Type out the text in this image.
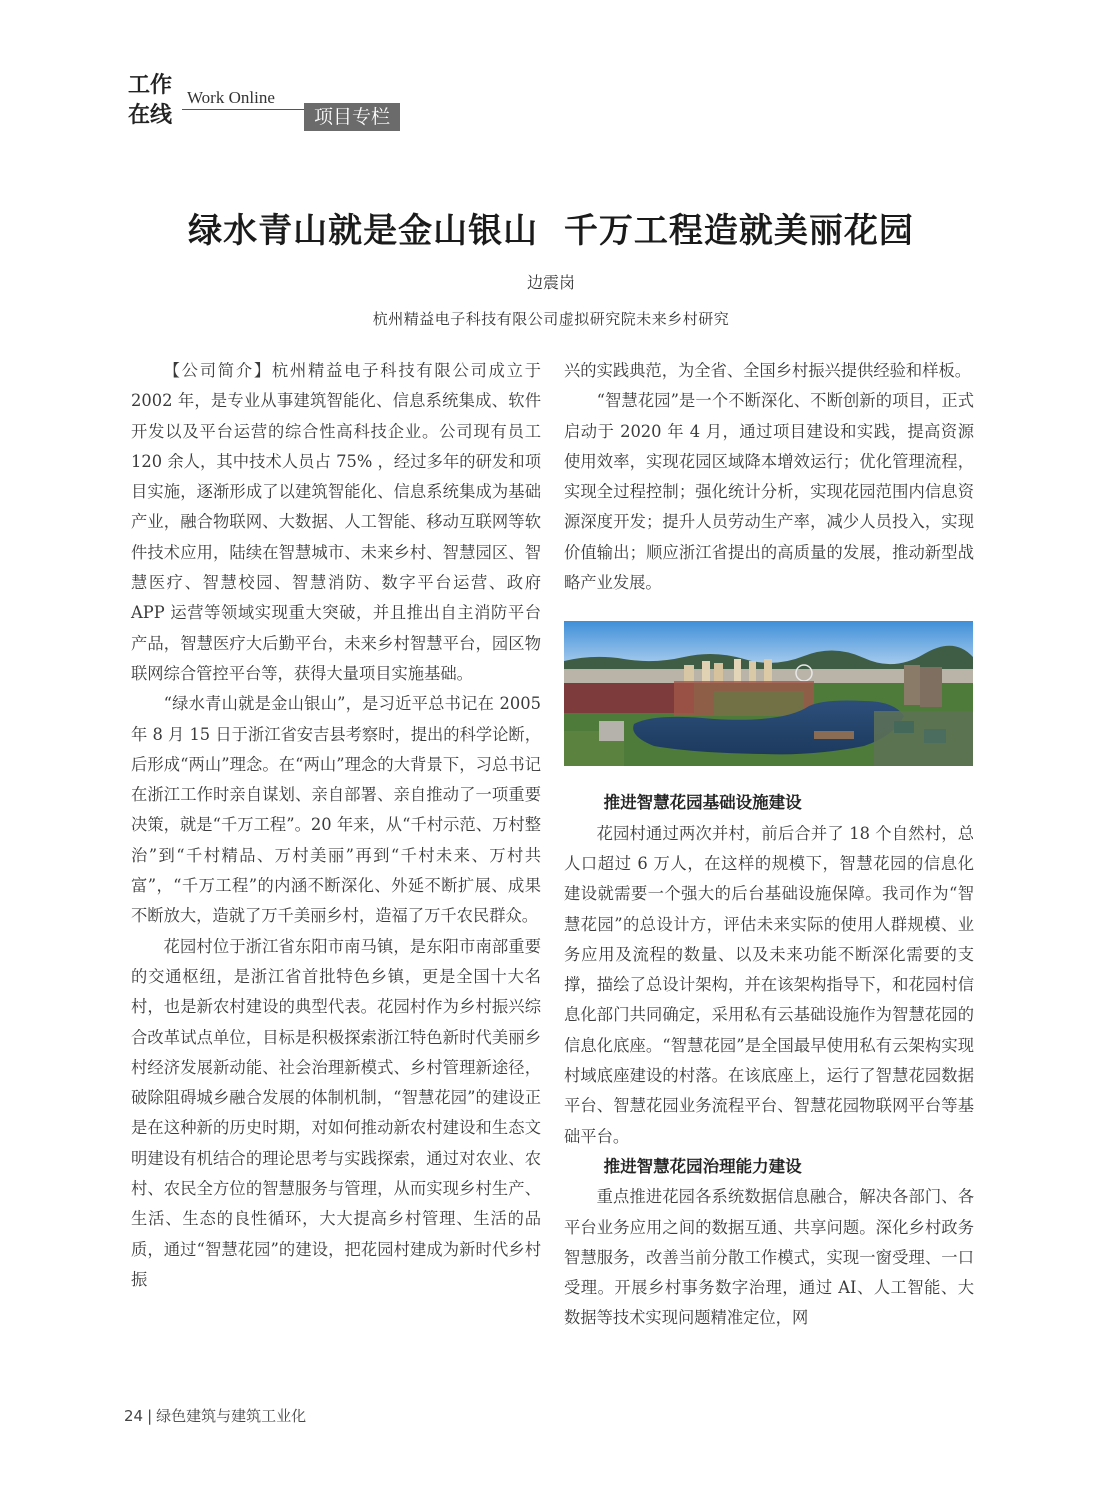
工作
在线
Work Online
项目专栏
绿水青山就是金山银山  千万工程造就美丽花园
边震岗
杭州精益电子科技有限公司虚拟研究院未来乡村研究

【公司简介】杭州精益电子科技有限公司成立于 2002 年，是专业从事建筑智能化、信息系统集成、软件开发以及平台运营的综合性高科技企业。公司现有员工 120 余人，其中技术人员占 75% ，经过多年的研发和项目实施，逐渐形成了以建筑智能化、信息系统集成为基础产业，融合物联网、大数据、人工智能、移动互联网等软件技术应用，陆续在智慧城市、未来乡村、智慧园区、智慧医疗、智慧校园、智慧消防、数字平台运营、政府 APP 运营等领域实现重大突破，并且推出自主消防平台产品，智慧医疗大后勤平台，未来乡村智慧平台，园区物联网综合管控平台等，获得大量项目实施基础。

“绿水青山就是金山银山”，是习近平总书记在 2005 年 8 月 15 日于浙江省安吉县考察时，提出的科学论断，后形成“两山”理念。在“两山”理念的大背景下，习总书记在浙江工作时亲自谋划、亲自部署、亲自推动了一项重要决策，就是“千万工程”。20 年来，从“千村示范、万村整治”到“千村精品、万村美丽”再到“千村未来、万村共富”，“千万工程”的内涵不断深化、外延不断扩展、成果不断放大，造就了万千美丽乡村，造福了万千农民群众。

花园村位于浙江省东阳市南马镇，是东阳市南部重要的交通枢纽，是浙江省首批特色乡镇，更是全国十大名村，也是新农村建设的典型代表。花园村作为乡村振兴综合改革试点单位，目标是积极探索浙江特色新时代美丽乡村经济发展新动能、社会治理新模式、乡村管理新途径，破除阻碍城乡融合发展的体制机制，“智慧花园”的建设正是在这种新的历史时期，对如何推动新农村建设和生态文明建设有机结合的理论思考与实践探索，通过对农业、农村、农民全方位的智慧服务与管理，从而实现乡村生产、生活、生态的良性循环，大大提高乡村管理、生活的品质，通过“智慧花园”的建设，把花园村建成为新时代乡村振

兴的实践典范，为全省、全国乡村振兴提供经验和样板。

“智慧花园”是一个不断深化、不断创新的项目，正式启动于 2020 年 4 月，通过项目建设和实践，提高资源使用效率，实现花园区域降本增效运行；优化管理流程，实现全过程控制；强化统计分析，实现花园范围内信息资源深度开发；提升人员劳动生产率，减少人员投入，实现价值输出；顺应浙江省提出的高质量的发展，推动新型战略产业发展。

推进智慧花园基础设施建设

花园村通过两次并村，前后合并了 18 个自然村，总人口超过 6 万人，在这样的规模下，智慧花园的信息化建设就需要一个强大的后台基础设施保障。我司作为“智慧花园”的总设计方，评估未来实际的使用人群规模、业务应用及流程的数量、以及未来功能不断深化需要的支撑，描绘了总设计架构，并在该架构指导下，和花园村信息化部门共同确定，采用私有云基础设施作为智慧花园的信息化底座。“智慧花园”是全国最早使用私有云架构实现村域底座建设的村落。在该底座上，运行了智慧花园数据平台、智慧花园业务流程平台、智慧花园物联网平台等基础平台。

推进智慧花园治理能力建设

重点推进花园各系统数据信息融合，解决各部门、各平台业务应用之间的数据互通、共享问题。深化乡村政务智慧服务，改善当前分散工作模式，实现一窗受理、一口受理。开展乡村事务数字治理，通过 AI、人工智能、大数据等技术实现问题精准定位，网

24 | 绿色建筑与建筑工业化
